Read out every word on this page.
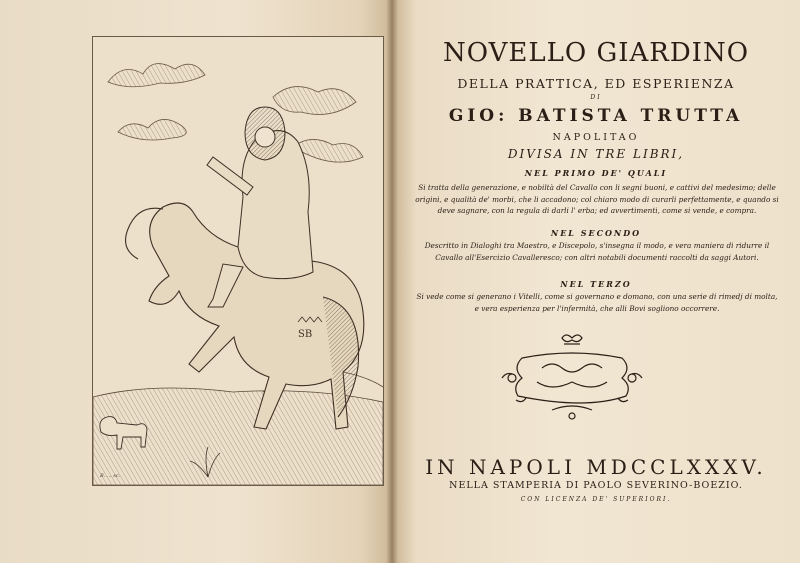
SB
B. ... sc.
NOVELLO GIARDINO
DELLA PRATTICA, ED ESPERIENZA
DI
GIO: BATISTA TRUTTA
NAPOLITAO
DIVISA IN TRE LIBRI,
NEL PRIMO DE' QUALI
Si tratta della generazione, e nobiltà del Cavallo con li segni buoni, e cattivi del medesimo; delle origini, e qualità de' morbi, che li accadono; col chiaro modo di curarli perfettamente, e quando si deve sagnare, con la regula di darli l' erba; ed avvertimenti, come si vende, e compra.
NEL SECONDO
Descritto in Dialoghi tra Maestro, e Discepolo, s'insegna il modo, e vera maniera di ridurre il Cavallo all'Esercizio Cavalleresco; con altri notabili documenti raccolti da saggi Autori.
NEL TERZO
Si vede come si generano i Vitelli, come si governano e domano, con una serie di rimedj di molta, e vera esperienza per l'infermità, che alli Bovi sogliono occorrere.
IN NAPOLI MDCCLXXXV.
NELLA STAMPERIA DI PAOLO SEVERINO-BOEZIO.
CON LICENZA DE' SUPERIORI.
